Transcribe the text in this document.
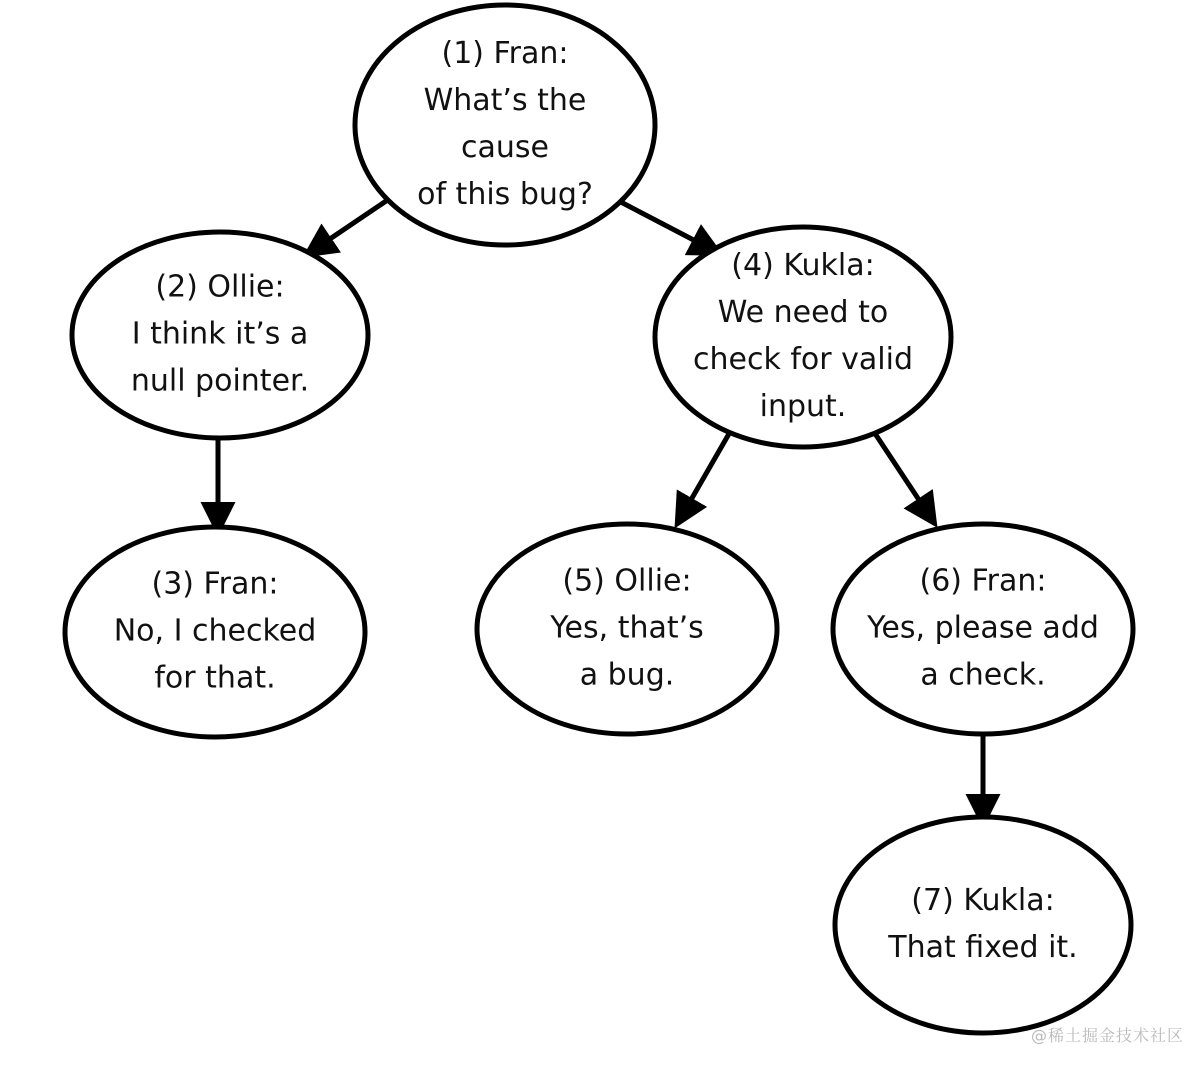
(1) Fran:
What’s the
cause
of this bug?
(2) Ollie:
I think it’s a
null pointer.
(3) Fran:
No, I checked
for that.
(4) Kukla:
We need to
check for valid
input.
(5) Ollie:
Yes, that’s
a bug.
(6) Fran:
Yes, please add
a check.
(7) Kukla:
That fixed it.
@稀土掘金技术社区
